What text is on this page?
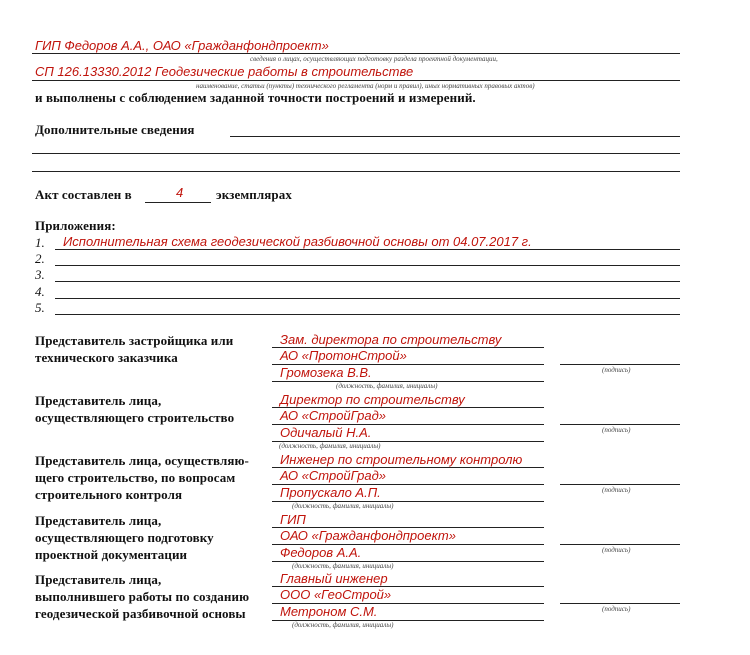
ГИП Федоров А.А., ОАО «Гражданфондпроект»
сведения о лицах, осуществляющих подготовку раздела проектной документации,
СП 126.13330.2012 Геодезические работы в строительстве
наименование, статьи (пункты) технического регламента (норм и правил), иных нормативных правовых актов)
и выполнены с соблюдением заданной точности построений и измерений.
Дополнительные сведения
Акт составлен в	4	экземплярах
Приложения:
1. Исполнительная схема геодезической разбивочной основы от 04.07.2017 г.
2.
3.
4.
5.
Представитель застройщика или
технического заказчика
Зам. директора по строительству
АО «ПротонСтрой»
Громозека В.В.
(должность, фамилия, инициалы)
(подпись)
Представитель лица,
осуществляющего строительство
Директор по строительству
АО «СтройГрад»
Одичалый Н.А.
(должность, фамилия, инициалы)
(подпись)
Представитель лица, осуществляю-
щего строительство, по вопросам
строительного контроля
Инженер по строительному контролю
АО «СтройГрад»
Пропускало А.П.
(должность, фамилия, инициалы)
(подпись)
Представитель лица,
осуществляющего подготовку
проектной документации
ГИП
ОАО «Гражданфондпроект»
Федоров А.А.
(должность, фамилия, инициалы)
(подпись)
Представитель лица,
выполнившего работы по созданию
геодезической разбивочной основы
Главный инженер
ООО «ГеоСтрой»
Метроном С.М.
(должность, фамилия, инициалы)
(подпись)
